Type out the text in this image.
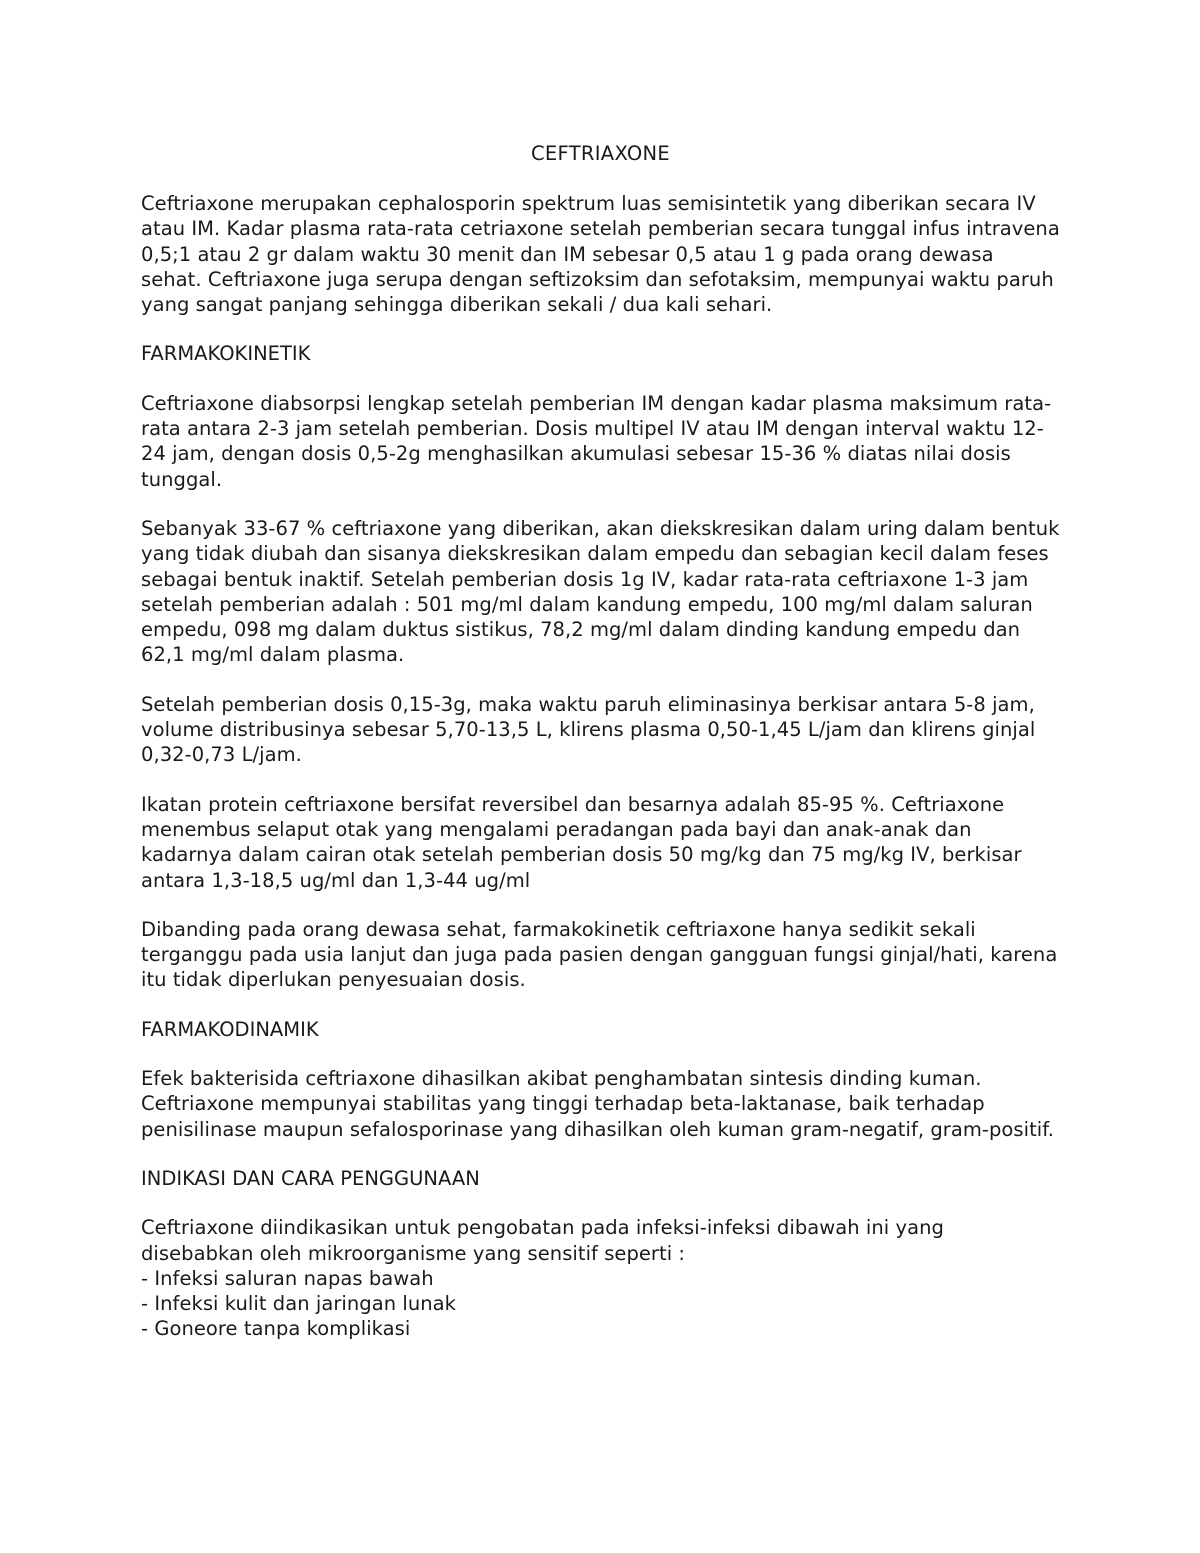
CEFTRIAXONE

Ceftriaxone merupakan cephalosporin spektrum luas semisintetik yang diberikan secara IV atau IM. Kadar plasma rata-rata cetriaxone setelah pemberian secara tunggal infus intravena 0,5;1 atau 2 gr dalam waktu 30 menit dan IM sebesar 0,5 atau 1 g pada orang dewasa sehat. Ceftriaxone juga serupa dengan seftizoksim dan sefotaksim, mempunyai waktu paruh yang sangat panjang sehingga diberikan sekali / dua kali sehari.

FARMAKOKINETIK

Ceftriaxone diabsorpsi lengkap setelah pemberian IM dengan kadar plasma maksimum rata-rata antara 2-3 jam setelah pemberian. Dosis multipel IV atau IM dengan interval waktu 12-24 jam, dengan dosis 0,5-2g menghasilkan akumulasi sebesar 15-36 % diatas nilai dosis tunggal.

Sebanyak 33-67 % ceftriaxone yang diberikan, akan diekskresikan dalam uring dalam bentuk yang tidak diubah dan sisanya diekskresikan dalam empedu dan sebagian kecil dalam feses sebagai bentuk inaktif. Setelah pemberian dosis 1g IV, kadar rata-rata ceftriaxone 1-3 jam setelah pemberian adalah : 501 mg/ml dalam kandung empedu, 100 mg/ml dalam saluran empedu, 098 mg dalam duktus sistikus, 78,2 mg/ml dalam dinding kandung empedu dan 62,1 mg/ml dalam plasma.

Setelah pemberian dosis 0,15-3g, maka waktu paruh eliminasinya berkisar antara 5-8 jam, volume distribusinya sebesar 5,70-13,5 L, klirens plasma 0,50-1,45 L/jam dan klirens ginjal 0,32-0,73 L/jam.

Ikatan protein ceftriaxone bersifat reversibel dan besarnya adalah 85-95 %. Ceftriaxone menembus selaput otak yang mengalami peradangan pada bayi dan anak-anak dan kadarnya dalam cairan otak setelah pemberian dosis 50 mg/kg dan 75 mg/kg IV, berkisar antara 1,3-18,5 ug/ml dan 1,3-44 ug/ml

Dibanding pada orang dewasa sehat, farmakokinetik ceftriaxone hanya sedikit sekali terganggu pada usia lanjut dan juga pada pasien dengan gangguan fungsi ginjal/hati, karena itu tidak diperlukan penyesuaian dosis.

FARMAKODINAMIK

Efek bakterisida ceftriaxone dihasilkan akibat penghambatan sintesis dinding kuman. Ceftriaxone mempunyai stabilitas yang tinggi terhadap beta-laktanase, baik terhadap penisilinase maupun sefalosporinase yang dihasilkan oleh kuman gram-negatif, gram-positif.

INDIKASI DAN CARA PENGGUNAAN

Ceftriaxone diindikasikan untuk pengobatan pada infeksi-infeksi dibawah ini yang disebabkan oleh mikroorganisme yang sensitif seperti :
- Infeksi saluran napas bawah
- Infeksi kulit dan jaringan lunak
- Goneore tanpa komplikasi
